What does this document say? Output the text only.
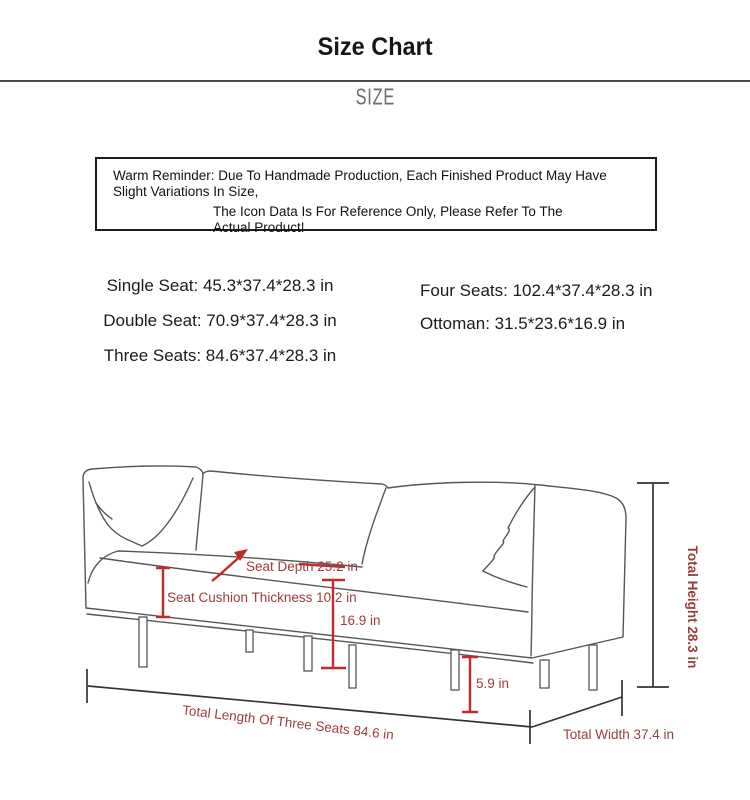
Size Chart
SIZE
Warm Reminder: Due To Handmade Production, Each Finished Product May Have Slight Variations In Size,
The Icon Data Is For Reference Only, Please Refer To The
Actual Product!
Single Seat: 45.3*37.4*28.3 in
Double Seat: 70.9*37.4*28.3 in
Three Seats: 84.6*37.4*28.3 in
Four Seats: 102.4*37.4*28.3 in
Ottoman: 31.5*23.6*16.9 in
Seat Depth 25.2 in
Seat Cushion Thickness 10.2 in
16.9 in
5.9 in
Total Length Of Three Seats 84.6 in	Total Width 37.4 in
Total Height 28.3 in
